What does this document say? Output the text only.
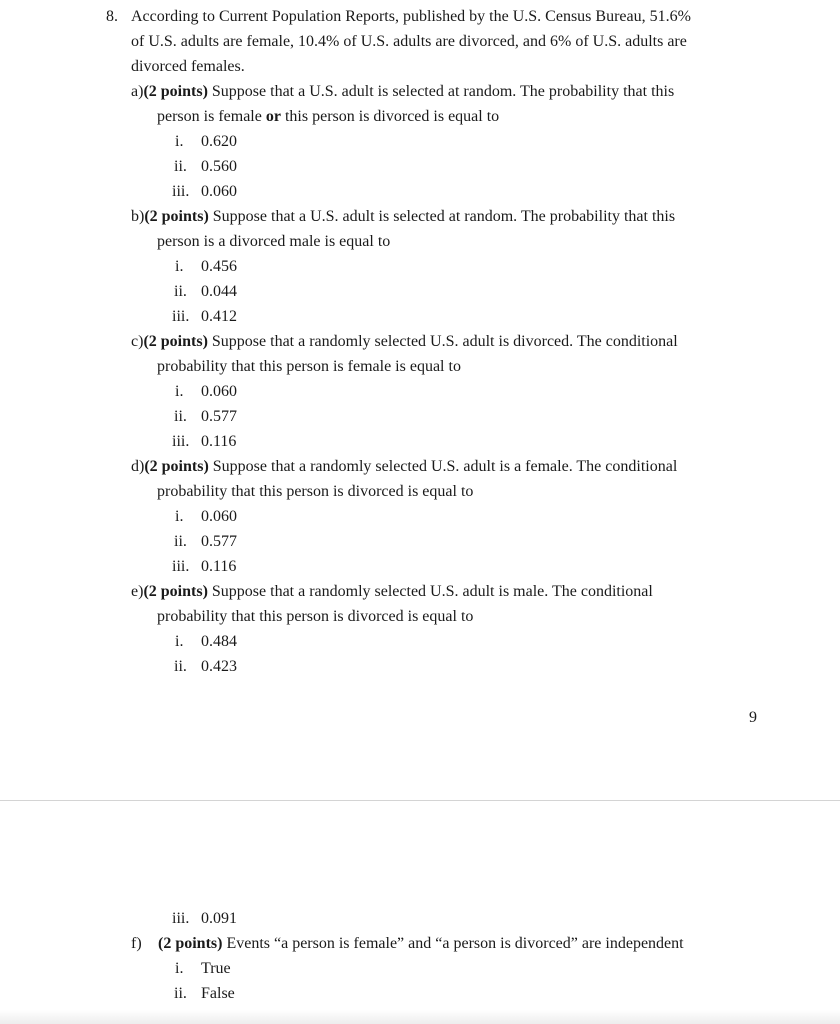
8. According to Current Population Reports, published by the U.S. Census Bureau, 51.6%
of U.S. adults are female, 10.4% of U.S. adults are divorced, and 6% of U.S. adults are
divorced females.
a)(2 points) Suppose that a U.S. adult is selected at random. The probability that this
person is female or this person is divorced is equal to
i. 0.620
ii. 0.560
iii. 0.060
b)(2 points) Suppose that a U.S. adult is selected at random. The probability that this
person is a divorced male is equal to
i. 0.456
ii. 0.044
iii. 0.412
c)(2 points) Suppose that a randomly selected U.S. adult is divorced. The conditional
probability that this person is female is equal to
i. 0.060
ii. 0.577
iii. 0.116
d)(2 points) Suppose that a randomly selected U.S. adult is a female. The conditional
probability that this person is divorced is equal to
i. 0.060
ii. 0.577
iii. 0.116
e)(2 points) Suppose that a randomly selected U.S. adult is male. The conditional
probability that this person is divorced is equal to
i. 0.484
ii. 0.423
9
iii. 0.091
f) (2 points) Events “a person is female” and “a person is divorced” are independent
i. True
ii. False
